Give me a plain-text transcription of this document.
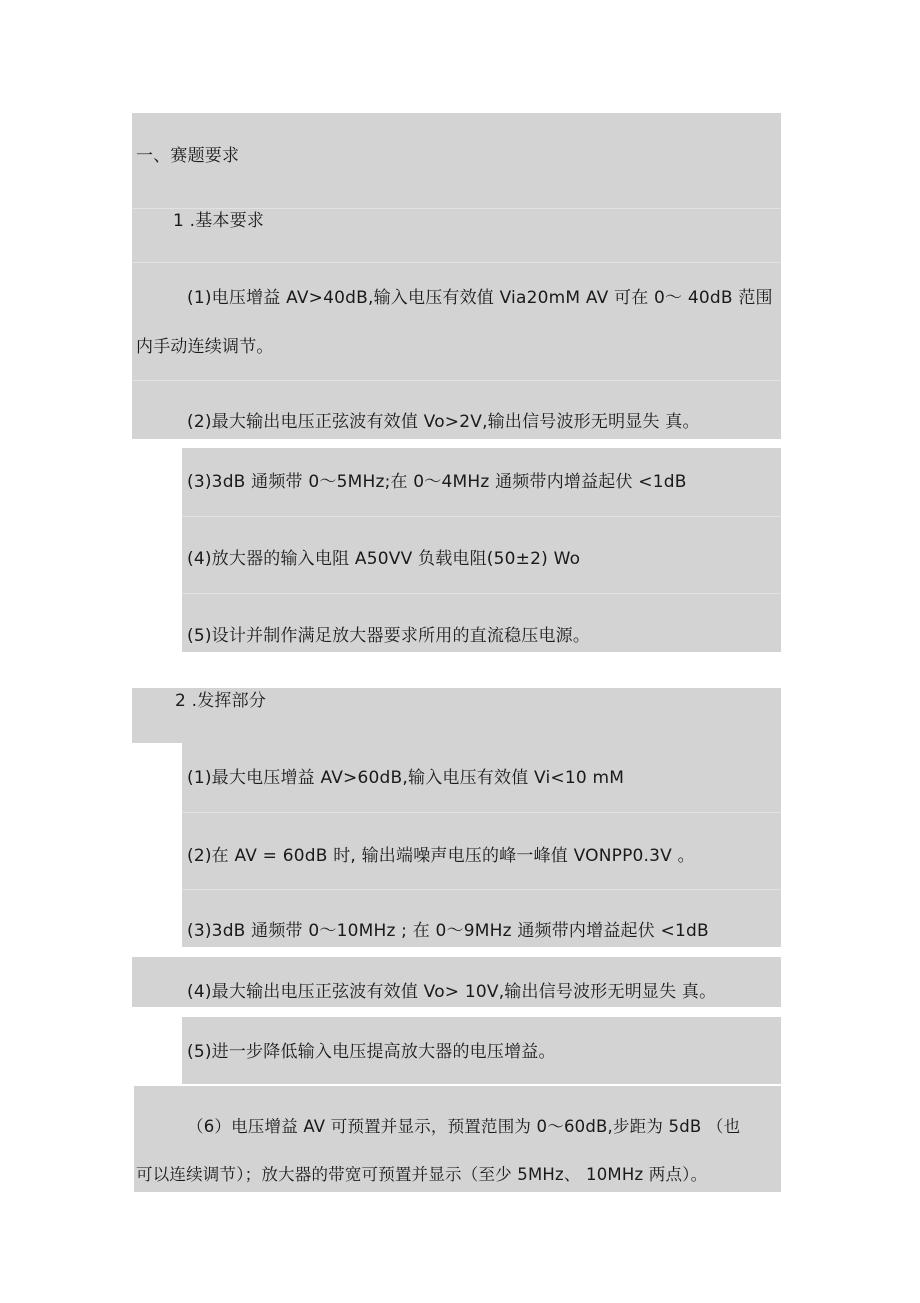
一、赛题要求
1 .基本要求
(1)电压增益 AV>40dB,输入电压有效值 Via20mM AV 可在 0〜 40dB 范围
内手动连续调节。
(2)最大输出电压正弦波有效值 Vo>2V,输出信号波形无明显失 真。
(3)3dB 通频带 0〜5MHz;在 0〜4MHz 通频带内增益起伏 <1dB
(4)放大器的输入电阻 A50VV 负载电阻(50±2) Wo
(5)设计并制作满足放大器要求所用的直流稳压电源。
2 .发挥部分
(1)最大电压增益 AV>60dB,输入电压有效值 Vi<10 mM
(2)在 AV = 60dB 时, 输出端噪声电压的峰一峰值 VONPP0.3V 。
(3)3dB 通频带 0〜10MHz ; 在 0〜9MHz 通频带内增益起伏 <1dB
(4)最大输出电压正弦波有效值 Vo> 10V,输出信号波形无明显失 真。
(5)进一步降低输入电压提高放大器的电压增益。
（6）电压增益 AV 可预置并显示，预置范围为 0〜60dB,步距为 5dB （也
可以连续调节）；放大器的带宽可预置并显示（至少 5MHz、 10MHz 两点）。
